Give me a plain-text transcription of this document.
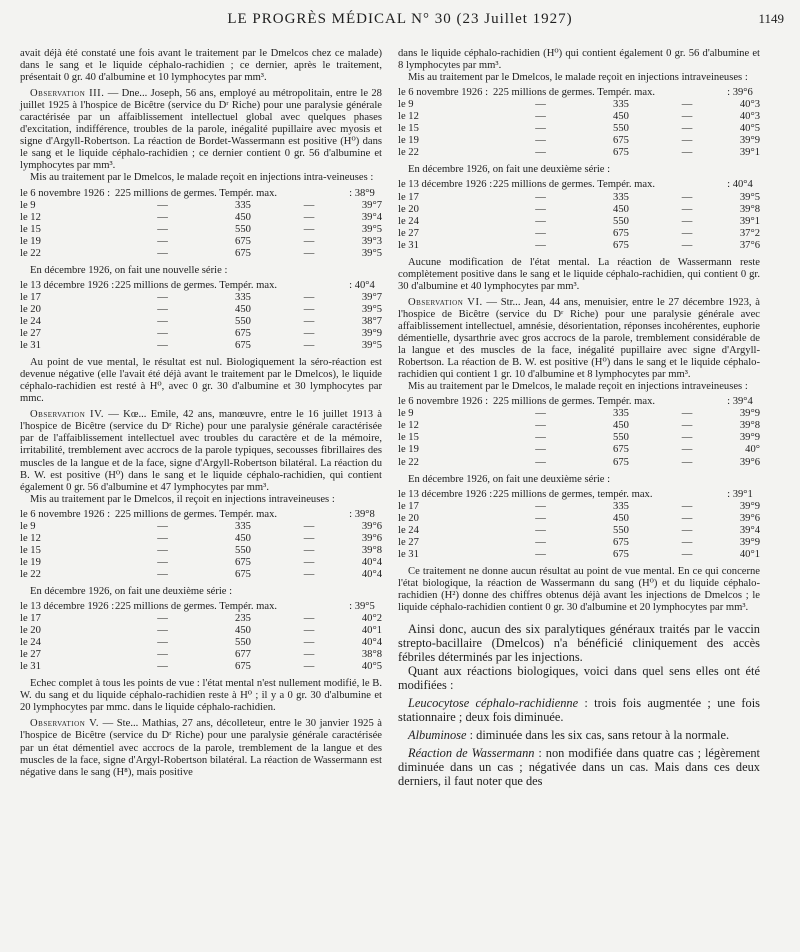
LE PROGRÈS MÉDICAL N° 30 (23 Juillet 1927)	1149

avait déjà été constaté une fois avant le traitement par le Dmelcos chez ce malade) dans le sang et le liquide céphalo-rachidien ; ce dernier, après le traitement, présentait 0 gr. 40 d'albumine et 10 lymphocytes par mm³.

Observation III. — Dne... Joseph, 56 ans, employé au métropolitain, entre le 28 juillet 1925 à l'hospice de Bicêtre (service du Dʳ Riche) pour une paralysie générale caractérisée par un affaiblissement intellectuel global avec quelques phases d'excitation, indifférence, troubles de la parole, inégalité pupillaire avec myosis et signe d'Argyll-Robertson. La réaction de Bordet-Wassermann est positive (H⁰) dans le sang et le liquide céphalo-rachidien ; ce dernier contient 0 gr. 56 d'albumine et lymphocytes par mm³.

Mis au traitement par le Dmelcos, le malade reçoit en injections intra-veineuses :

le 6 novembre 1926 : 225 millions de germes. Tempér. max.	: 38°9
le 9	—	335	—	39°7
le 12	—	450	—	39°4
le 15	—	550	—	39°5
le 19	—	675	—	39°3
le 22	—	675	—	39°5

En décembre 1926, on fait une nouvelle série :

le 13 décembre 1926 : 225 millions de germes. Tempér. max.	: 40°4
le 17	—	335	—	39°7
le 20	—	450	—	39°5
le 24	—	550	—	38°7
le 27	—	675	—	39°9
le 31	—	675	—	39°5

Au point de vue mental, le résultat est nul. Biologiquement la séro-réaction est devenue négative (elle l'avait été déjà avant le traitement par le Dmelcos), le liquide céphalo-rachidien est resté à H⁰, avec 0 gr. 30 d'albumine et 30 lymphocytes par mmc.

Observation IV. — Kœ... Emile, 42 ans, manœuvre, entre le 16 juillet 1913 à l'hospice de Bicêtre (service du Dʳ Riche) pour une paralysie générale caractérisée par de l'affaiblissement intellectuel avec troubles du caractère et de la mémoire, irritabilité, tremblement avec accrocs de la parole typiques, secousses fibrillaires des muscles de la langue et de la face, signe d'Argyll-Robertson bilatéral. La réaction du B. W. est positive (H⁰) dans le sang et le liquide céphalo-rachidien, qui contient également 0 gr. 56 d'albumine et 47 lymphocytes par mm³.

Mis au traitement par le Dmelcos, il reçoit en injections intraveineuses :

le 6 novembre 1926 : 225 millions de germes. Tempér. max.	: 39°8
le 9	—	335	—	39°6
le 12	—	450	—	39°6
le 15	—	550	—	39°8
le 19	—	675	—	40°4
le 22	—	675	—	40°4

En décembre 1926, on fait une deuxième série :

le 13 décembre 1926 : 225 millions de germes. Tempér. max.	: 39°5
le 17	—	235	—	40°2
le 20	—	450	—	40°1
le 24	—	550	—	40°4
le 27	—	677	—	38°8
le 31	—	675	—	40°5

Echec complet à tous les points de vue : l'état mental n'est nullement modifié, le B. W. du sang et du liquide céphalo-rachidien reste à H⁰ ; il y a 0 gr. 30 d'albumine et 20 lymphocytes par mmc. dans le liquide céphalo-rachidien.

Observation V. — Ste... Mathias, 27 ans, décolleteur, entre le 30 janvier 1925 à l'hospice de Bicêtre (service du Dʳ Riche) pour une paralysie générale caractérisée par un état démentiel avec accrocs de la parole, tremblement de la langue et des muscles de la face, signe d'Argyl-Robertson bilatéral. La réaction de Wassermann est négative dans le sang (H⁸), mais positive

dans le liquide céphalo-rachidien (H⁰) qui contient également 0 gr. 56 d'albumine et 8 lymphocytes par mm³.

Mis au traitement par le Dmelcos, le malade reçoit en injections intraveineuses :

le 6 novembre 1926 : 225 millions de germes. Tempér. max.	: 39°6
le 9	—	335	—	40°3
le 12	—	450	—	40°3
le 15	—	550	—	40°5
le 19	—	675	—	39°9
le 22	—	675	—	39°1

En décembre 1926, on fait une deuxième série :

le 13 décembre 1926 : 225 millions de germes. Tempér. max.	: 40°4
le 17	—	335	—	39°5
le 20	—	450	—	39°8
le 24	—	550	—	39°1
le 27	—	675	—	37°2
le 31	—	675	—	37°6

Aucune modification de l'état mental. La réaction de Wassermann reste complètement positive dans le sang et le liquide céphalo-rachidien, qui contient 0 gr. 30 d'albumine et 40 lymphocytes par mm³.

Observation VI. — Str... Jean, 44 ans, menuisier, entre le 27 décembre 1923, à l'hospice de Bicêtre (service du Dʳ Riche) pour une paralysie générale avec affaiblissement intellectuel, amnésie, désorientation, réponses incohérentes, euphorie démentielle, dysarthrie avec gros accrocs de la parole, tremblement considérable de la langue et des muscles de la face, inégalité pupillaire avec signe d'Argyll-Robertson. La réaction de B. W. est positive (H⁰) dans le sang et le liquide céphalo-rachidien qui contient 1 gr. 10 d'albumine et 8 lymphocytes par mm³.

Mis au traitement par le Dmelcos, le malade reçoit en injections intraveineuses :

le 6 novembre 1926 : 225 millions de germes. Tempér. max.	: 39°4
le 9	—	335	—	39°9
le 12	—	450	—	39°8
le 15	—	550	—	39°9
le 19	—	675	—	40°
le 22	—	675	—	39°6

En décembre 1926, on fait une deuxième série :

le 13 décembre 1926 : 225 millions de germes, tempér. max.	: 39°1
le 17	—	335	—	39°9
le 20	—	450	—	39°6
le 24	—	550	—	39°4
le 27	—	675	—	39°9
le 31	—	675	—	40°1

Ce traitement ne donne aucun résultat au point de vue mental. En ce qui concerne l'état biologique, la réaction de Wassermann du sang (H⁰) et du liquide céphalo-rachidien (H²) donne des chiffres obtenus déjà avant les injections de Dmelcos ; le liquide céphalo-rachidien contient 0 gr. 30 d'albumine et 20 lymphocytes par mm³.

Ainsi donc, aucun des six paralytiques généraux traités par le vaccin strepto-bacillaire (Dmelcos) n'a bénéficié cliniquement des accès fébriles déterminés par les injections.

Quant aux réactions biologiques, voici dans quel sens elles ont été modifiées :

Leucocytose céphalo-rachidienne : trois fois augmentée ; une fois stationnaire ; deux fois diminuée.

Albuminose : diminuée dans les six cas, sans retour à la normale.

Réaction de Wassermann : non modifiée dans quatre cas ; légèrement diminuée dans un cas ; négativée dans un cas. Mais dans ces deux derniers, il faut noter que des
